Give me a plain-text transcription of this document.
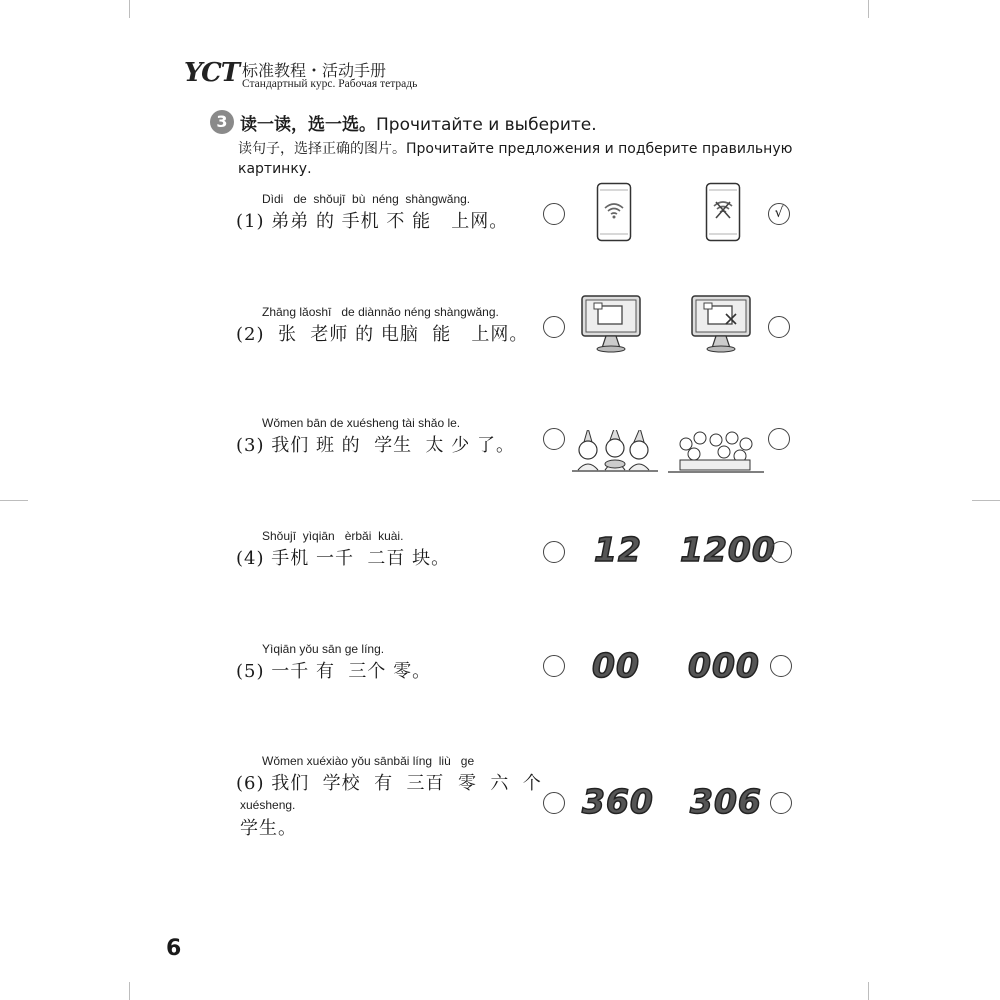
YCT 标准教程・活动手册
Стандартный курс. Рабочая тетрадь
3 读一读，选一选。Прочитайте и выберите.
读句子，选择正确的图片。Прочитайте предложения и подберите правильную картинку.
Dìdi   de  shǒujī  bù  néng  shàngwǎng.
(1) 弟弟 的 手机 不 能   上网。	√
Zhāng lǎoshī   de diànnǎo néng shàngwǎng.
(2)  张  老师 的 电脑  能   上网。
Wǒmen bān de xuésheng tài shǎo le.
(3) 我们 班 的  学生  太 少 了。
Shǒujī  yìqiān   èrbǎi  kuài.
(4) 手机 一千  二百 块。	12 1200
Yìqiān yǒu sān ge líng.
(5) 一千 有  三个 零。	00 000
Wǒmen xuéxiào yǒu sānbǎi líng  liù   ge
(6) 我们  学校  有  三百  零  六  个
xuésheng.
学生。
360 306
6
